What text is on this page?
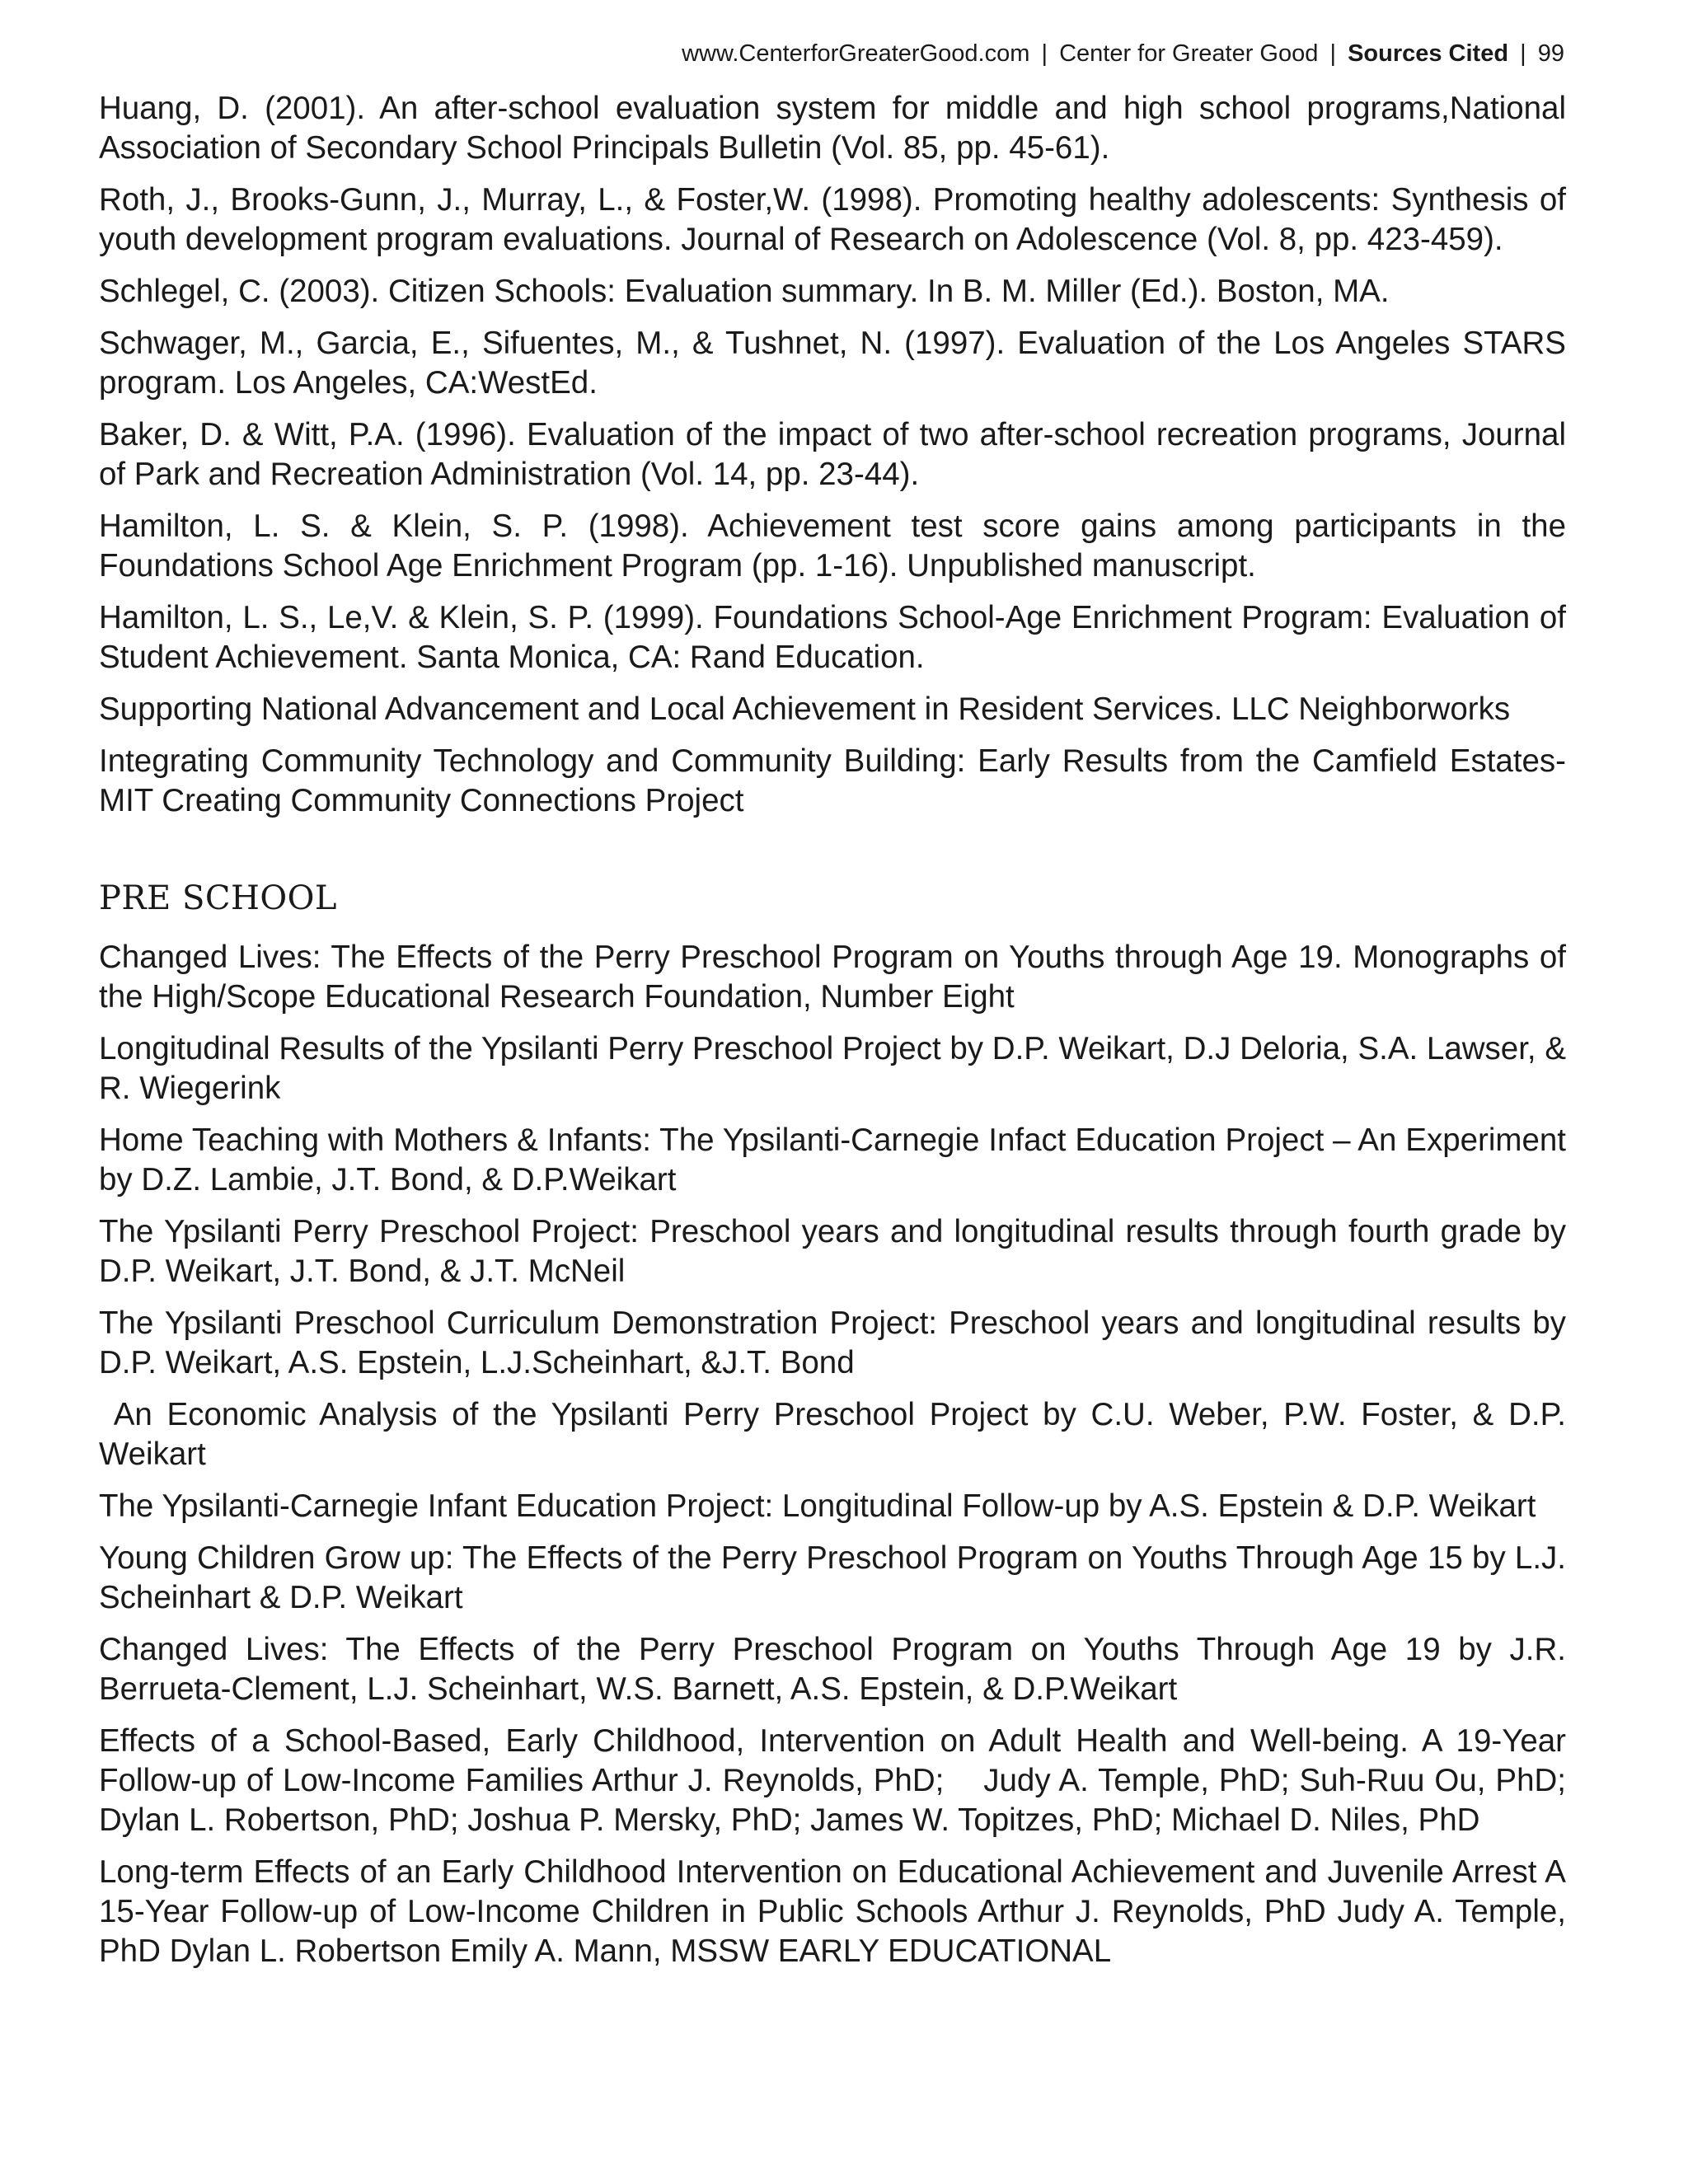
www.CenterforGreaterGood.com | Center for Greater Good | Sources Cited | 99

Huang, D. (2001). An after-school evaluation system for middle and high school programs,National Association of Secondary School Principals Bulletin (Vol. 85, pp. 45-61).

Roth, J., Brooks-Gunn, J., Murray, L., & Foster,W. (1998). Promoting healthy adolescents: Synthesis of youth development program evaluations. Journal of Research on Adolescence (Vol. 8, pp. 423-459).

Schlegel, C. (2003). Citizen Schools: Evaluation summary. In B. M. Miller (Ed.). Boston, MA.

Schwager, M., Garcia, E., Sifuentes, M., & Tushnet, N. (1997). Evaluation of the Los Angeles STARS program. Los Angeles, CA:WestEd.

Baker, D. & Witt, P.A. (1996). Evaluation of the impact of two after-school recreation programs, Journal of Park and Recreation Administration (Vol. 14, pp. 23-44).

Hamilton, L. S. & Klein, S. P. (1998). Achievement test score gains among participants in the Foundations School Age Enrichment Program (pp. 1-16). Unpublished manuscript.

Hamilton, L. S., Le,V. & Klein, S. P. (1999). Foundations School-Age Enrichment Program: Evaluation of Student Achievement. Santa Monica, CA: Rand Education.

Supporting National Advancement and Local Achievement in Resident Services. LLC Neighborworks

Integrating Community Technology and Community Building: Early Results from the Camfield Estates-MIT Creating Community Connections Project

PRE SCHOOL

Changed Lives: The Effects of the Perry Preschool Program on Youths through Age 19. Monographs of the High/Scope Educational Research Foundation, Number Eight

Longitudinal Results of the Ypsilanti Perry Preschool Project by D.P. Weikart, D.J Deloria, S.A. Lawser, & R. Wiegerink

Home Teaching with Mothers & Infants: The Ypsilanti-Carnegie Infact Education Project – An Experiment by D.Z. Lambie, J.T. Bond, & D.P.Weikart

The Ypsilanti Perry Preschool Project: Preschool years and longitudinal results through fourth grade by D.P. Weikart, J.T. Bond, & J.T. McNeil

The Ypsilanti Preschool Curriculum Demonstration Project: Preschool years and longitudinal results by D.P. Weikart, A.S. Epstein, L.J.Scheinhart, &J.T. Bond

An Economic Analysis of the Ypsilanti Perry Preschool Project by C.U. Weber, P.W. Foster, & D.P. Weikart

The Ypsilanti-Carnegie Infant Education Project: Longitudinal Follow-up by A.S. Epstein & D.P. Weikart

Young Children Grow up: The Effects of the Perry Preschool Program on Youths Through Age 15 by L.J. Scheinhart & D.P. Weikart

Changed Lives: The Effects of the Perry Preschool Program on Youths Through Age 19 by J.R. Berrueta-Clement, L.J. Scheinhart, W.S. Barnett, A.S. Epstein, & D.P.Weikart

Effects of a School-Based, Early Childhood, Intervention on Adult Health and Well-being. A 19-Year Follow-up of Low-Income Families Arthur J. Reynolds, PhD;    Judy A. Temple, PhD; Suh-Ruu Ou, PhD; Dylan L. Robertson, PhD; Joshua P. Mersky, PhD; James W. Topitzes, PhD; Michael D. Niles, PhD

Long-term Effects of an Early Childhood Intervention on Educational Achievement and Juvenile Arrest A 15-Year Follow-up of Low-Income Children in Public Schools Arthur J. Reynolds, PhD Judy A. Temple, PhD Dylan L. Robertson Emily A. Mann, MSSW EARLY EDUCATIONAL
